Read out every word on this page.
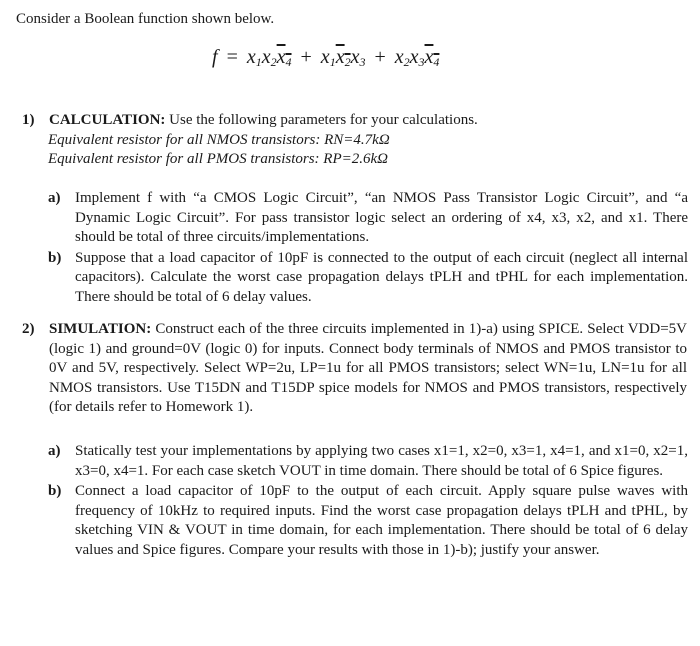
Consider a Boolean function shown below.
$f = x_1x_2x_4 + x_1x_2x_3 + x_2x_3x_4$
1) CALCULATION: Use the following parameters for your calculations.
Equivalent resistor for all NMOS transistors: RN=4.7kΩ
Equivalent resistor for all PMOS transistors: RP=2.6kΩ
a) Implement f with “a CMOS Logic Circuit”, “an NMOS Pass Transistor Logic Circuit”, and “a Dynamic Logic Circuit”. For pass transistor logic select an ordering of x4, x3, x2, and x1. There should be total of three circuits/implementations.
b) Suppose that a load capacitor of 10pF is connected to the output of each circuit (neglect all internal capacitors). Calculate the worst case propagation delays tPLH and tPHL for each implementation. There should be total of 6 delay values.
2) SIMULATION: Construct each of the three circuits implemented in 1)-a) using SPICE. Select VDD=5V (logic 1) and ground=0V (logic 0) for inputs. Connect body terminals of NMOS and PMOS transistor to 0V and 5V, respectively. Select WP=2u, LP=1u for all PMOS transistors; select WN=1u, LN=1u for all NMOS transistors. Use T15DN and T15DP spice models for NMOS and PMOS transistors, respectively (for details refer to Homework 1).
a) Statically test your implementations by applying two cases x1=1, x2=0, x3=1, x4=1, and x1=0, x2=1, x3=0, x4=1. For each case sketch VOUT in time domain. There should be total of 6 Spice figures.
b) Connect a load capacitor of 10pF to the output of each circuit. Apply square pulse waves with frequency of 10kHz to required inputs. Find the worst case propagation delays tPLH and tPHL, by sketching VIN & VOUT in time domain, for each implementation. There should be total of 6 delay values and Spice figures. Compare your results with those in 1)-b); justify your answer.
